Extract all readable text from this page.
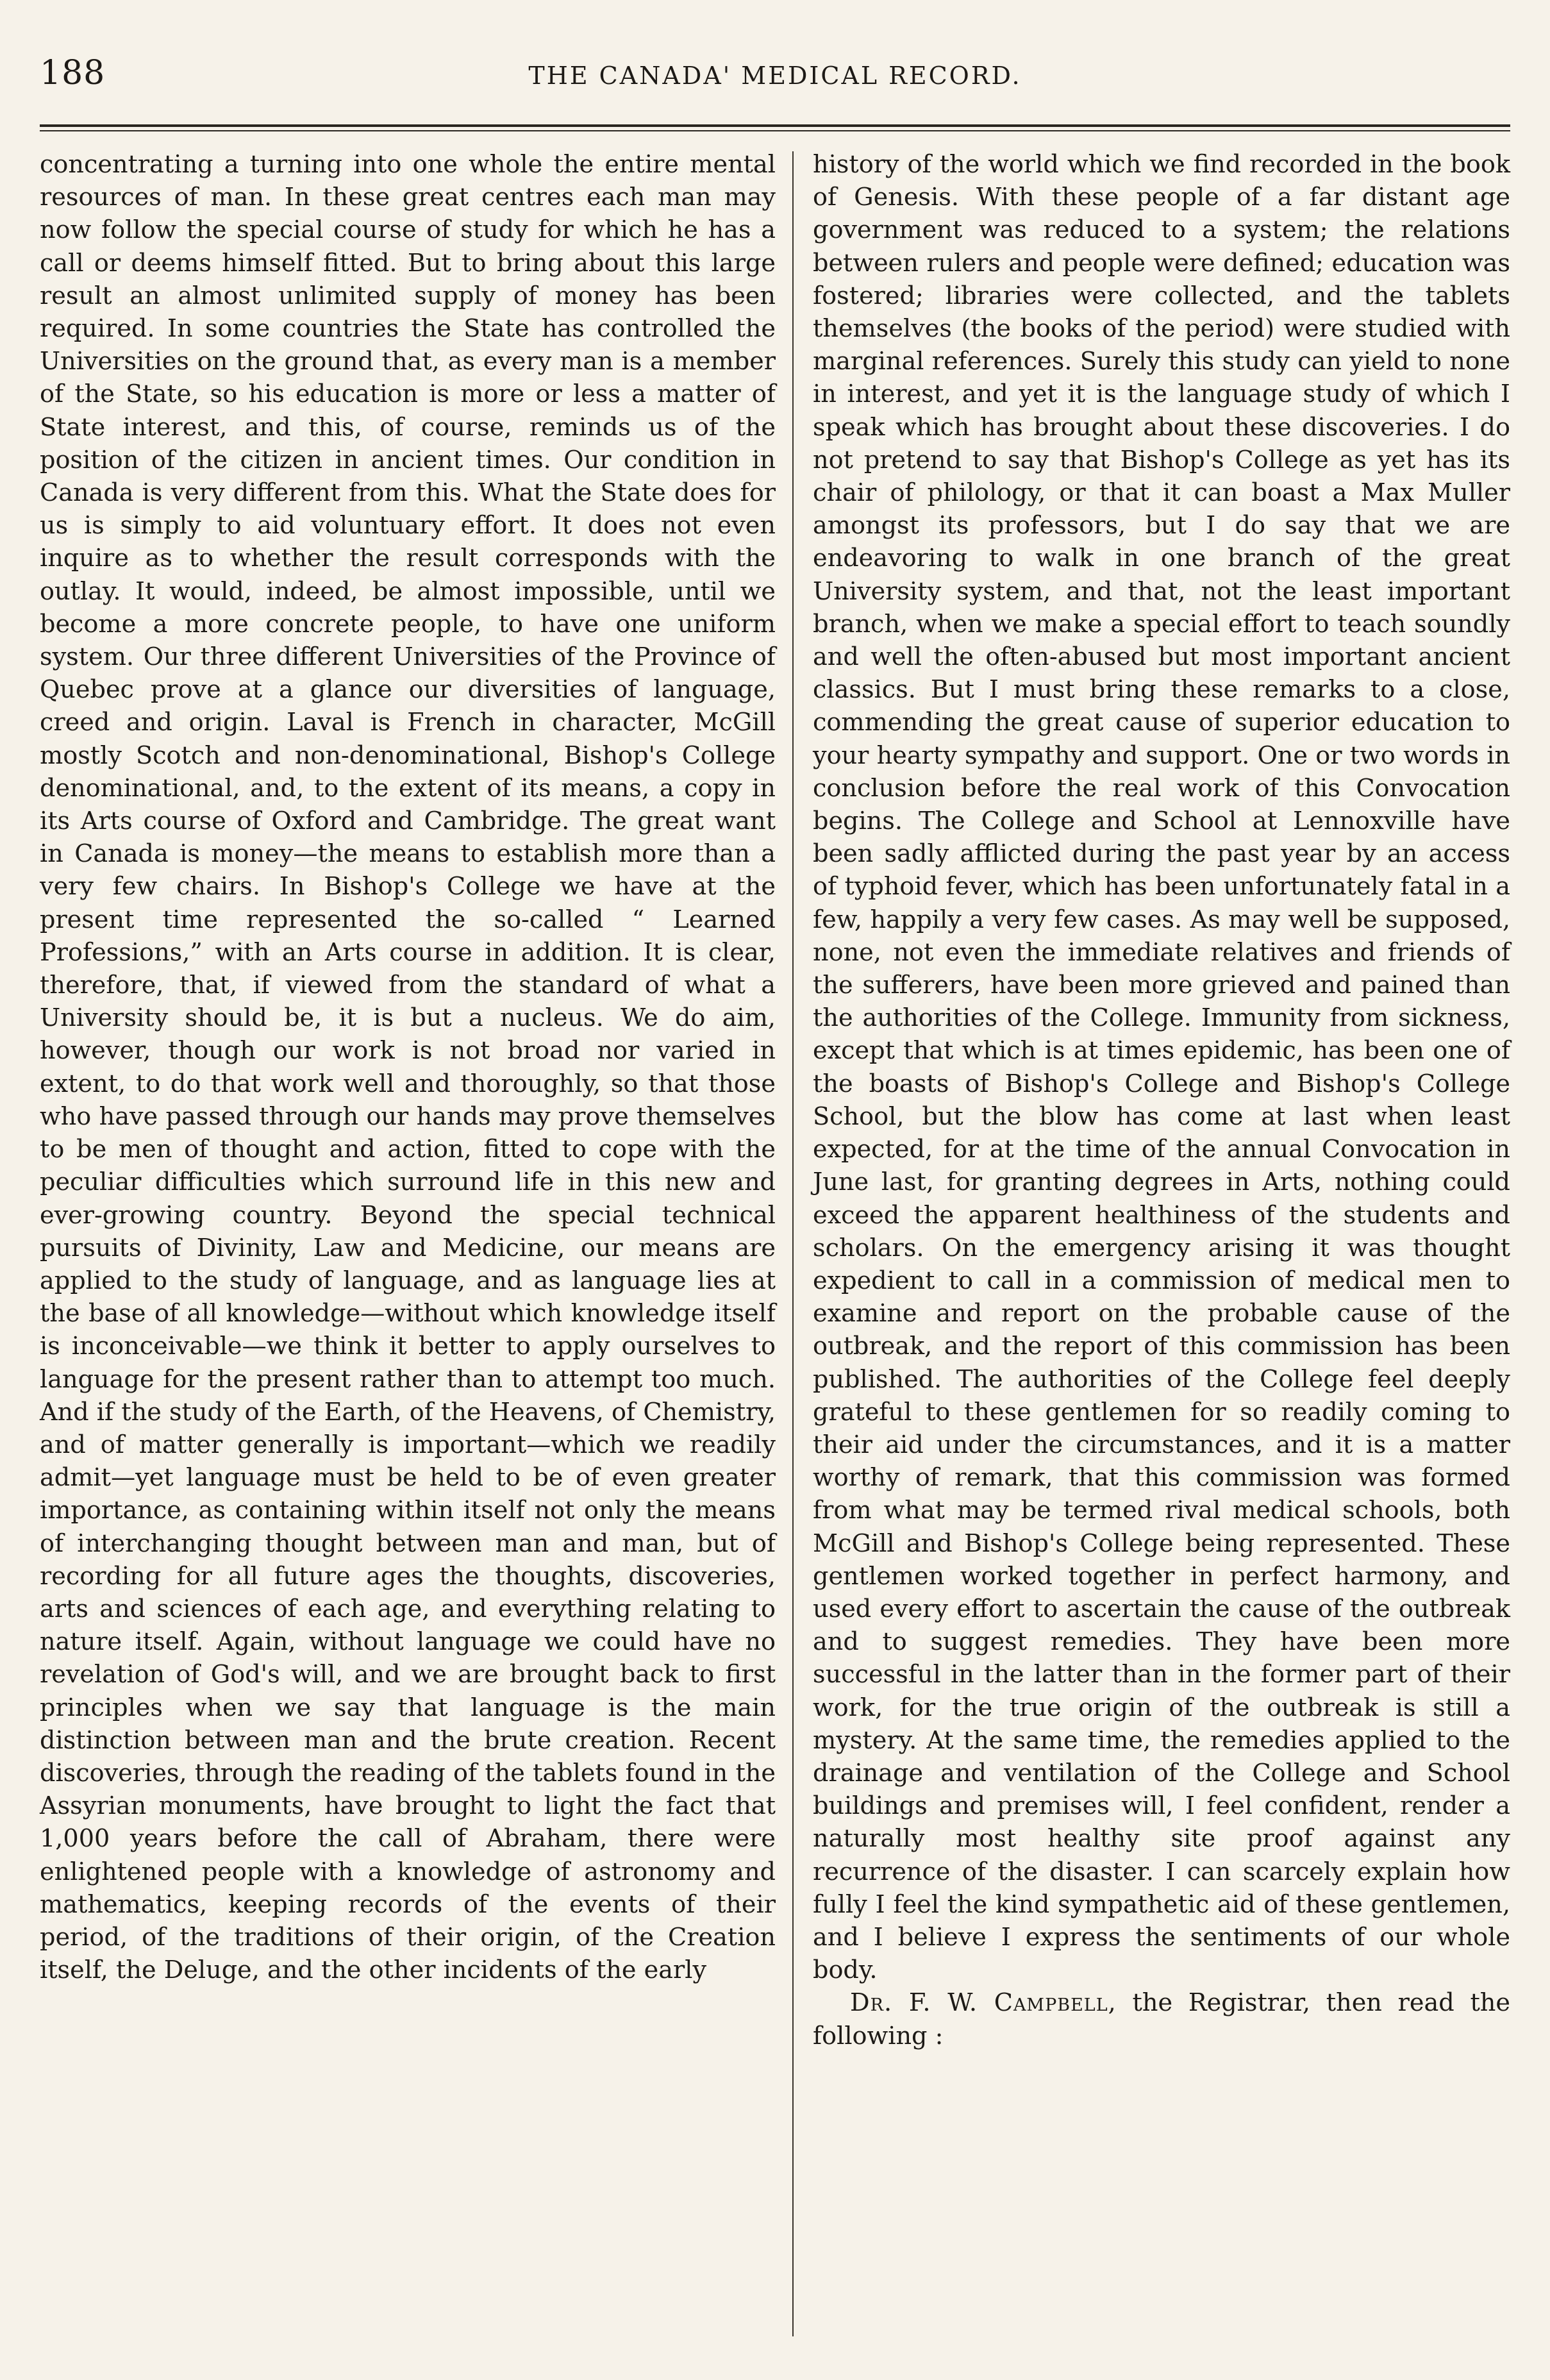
188	THE CANADA' MEDICAL RECORD.

concentrating a turning into one whole the entire mental resources of man. In these great centres each man may now follow the special course of study for which he has a call or deems himself fitted. But to bring about this large result an almost unlimited supply of money has been required. In some countries the State has controlled the Universities on the ground that, as every man is a member of the State, so his education is more or less a matter of State interest, and this, of course, reminds us of the position of the citizen in ancient times. Our condition in Canada is very different from this. What the State does for us is simply to aid voluntuary effort. It does not even inquire as to whether the result corresponds with the outlay. It would, indeed, be almost impossible, until we become a more concrete people, to have one uniform system. Our three different Universities of the Province of Quebec prove at a glance our diversities of language, creed and origin. Laval is French in character, McGill mostly Scotch and non-denominational, Bishop's College denominational, and, to the extent of its means, a copy in its Arts course of Oxford and Cambridge. The great want in Canada is money—the means to establish more than a very few chairs. In Bishop's College we have at the present time represented the so-called “ Learned Professions,” with an Arts course in addition. It is clear, therefore, that, if viewed from the standard of what a University should be, it is but a nucleus. We do aim, however, though our work is not broad nor varied in extent, to do that work well and thoroughly, so that those who have passed through our hands may prove themselves to be men of thought and action, fitted to cope with the peculiar difficulties which surround life in this new and ever-growing country. Beyond the special technical pursuits of Divinity, Law and Medicine, our means are applied to the study of language, and as language lies at the base of all knowledge—without which knowledge itself is inconceivable—we think it better to apply ourselves to language for the present rather than to attempt too much. And if the study of the Earth, of the Heavens, of Chemistry, and of matter generally is important—which we readily admit—yet language must be held to be of even greater importance, as containing within itself not only the means of interchanging thought between man and man, but of recording for all future ages the thoughts, discoveries, arts and sciences of each age, and everything relating to nature itself. Again, without language we could have no revelation of God's will, and we are brought back to first principles when we say that language is the main distinction between man and the brute creation. Recent discoveries, through the reading of the tablets found in the Assyrian monuments, have brought to light the fact that 1,000 years before the call of Abraham, there were enlightened people with a knowledge of astronomy and mathematics, keeping records of the events of their period, of the traditions of their origin, of the Creation itself, the Deluge, and the other incidents of the early

history of the world which we find recorded in the book of Genesis. With these people of a far distant age government was reduced to a system; the relations between rulers and people were defined; education was fostered; libraries were collected, and the tablets themselves (the books of the period) were studied with marginal references. Surely this study can yield to none in interest, and yet it is the language study of which I speak which has brought about these discoveries. I do not pretend to say that Bishop's College as yet has its chair of philology, or that it can boast a Max Muller amongst its professors, but I do say that we are endeavoring to walk in one branch of the great University system, and that, not the least important branch, when we make a special effort to teach soundly and well the often-abused but most important ancient classics. But I must bring these remarks to a close, commending the great cause of superior education to your hearty sympathy and support. One or two words in conclusion before the real work of this Convocation begins. The College and School at Lennoxville have been sadly afflicted during the past year by an access of typhoid fever, which has been unfortunately fatal in a few, happily a very few cases. As may well be supposed, none, not even the immediate relatives and friends of the sufferers, have been more grieved and pained than the authorities of the College. Immunity from sickness, except that which is at times epidemic, has been one of the boasts of Bishop's College and Bishop's College School, but the blow has come at last when least expected, for at the time of the annual Convocation in June last, for granting degrees in Arts, nothing could exceed the apparent healthiness of the students and scholars. On the emergency arising it was thought expedient to call in a commission of medical men to examine and report on the probable cause of the outbreak, and the report of this commission has been published. The authorities of the College feel deeply grateful to these gentlemen for so readily coming to their aid under the circumstances, and it is a matter worthy of remark, that this commission was formed from what may be termed rival medical schools, both McGill and Bishop's College being represented. These gentlemen worked together in perfect harmony, and used every effort to ascertain the cause of the outbreak and to suggest remedies. They have been more successful in the latter than in the former part of their work, for the true origin of the outbreak is still a mystery. At the same time, the remedies applied to the drainage and ventilation of the College and School buildings and premises will, I feel confident, render a naturally most healthy site proof against any recurrence of the disaster. I can scarcely explain how fully I feel the kind sympathetic aid of these gentlemen, and I believe I express the sentiments of our whole body.

Dr. F. W. Campbell, the Registrar, then read the following :
